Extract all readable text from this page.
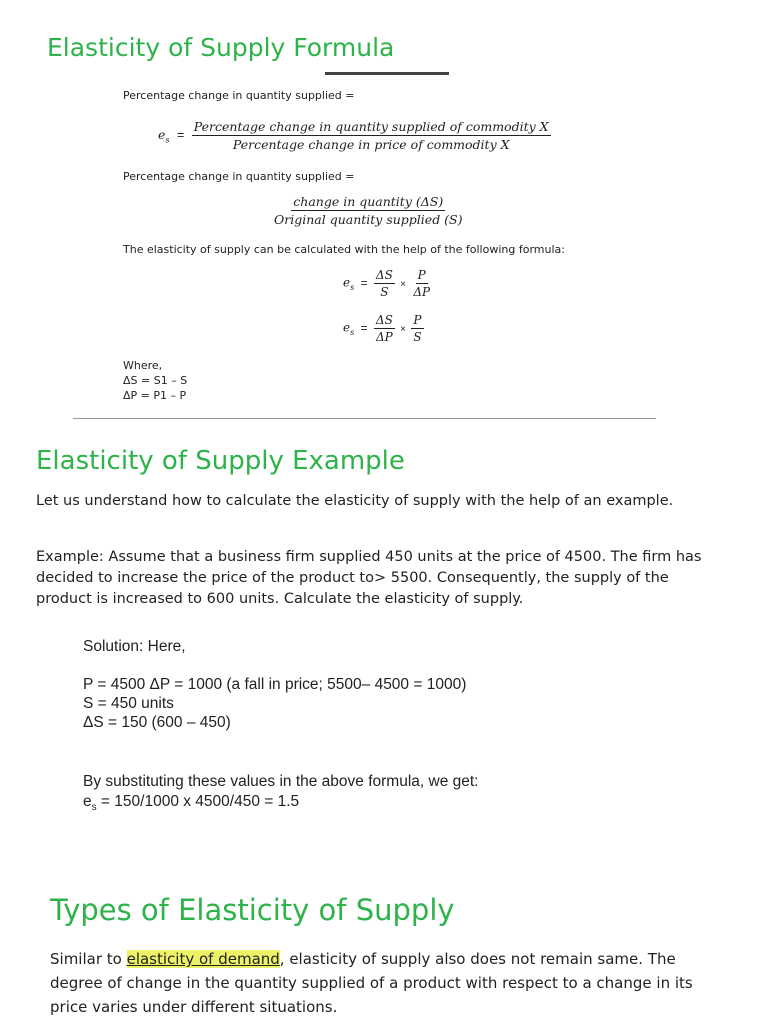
Elasticity of Supply Formula
Percentage change in quantity supplied =
$e_s = \frac{\text{Percentage change in quantity supplied of commodity X}}{\text{Percentage change in price of commodity X}}$
Percentage change in quantity supplied =
$\frac{\text{change in quantity (ΔS)}}{\text{Original quantity supplied (S)}}$
The elasticity of supply can be calculated with the help of the following formula:
$e_s = \frac{\Delta S}{S} \times \frac{P}{\Delta P}$
$e_s = \frac{\Delta S}{\Delta P} \times \frac{P}{S}$
Where,
ΔS = S1 – S
ΔP = P1 – P
Elasticity of Supply Example

Let us understand how to calculate the elasticity of supply with the help of an example.

Example: Assume that a business firm supplied 450 units at the price of 4500. The firm has decided to increase the price of the product to> 5500. Consequently, the supply of the product is increased to 600 units. Calculate the elasticity of supply.

Solution: Here,
P = 4500 ΔP = 1000 (a fall in price; 5500– 4500 = 1000)
S = 450 units
ΔS = 150 (600 – 450)
By substituting these values in the above formula, we get:
$e_s = 150/1000$ x 4500/450 = 1.5
Types of Elasticity of Supply

Similar to elasticity of demand, elasticity of supply also does not remain same. The degree of change in the quantity supplied of a product with respect to a change in its price varies under different situations.
